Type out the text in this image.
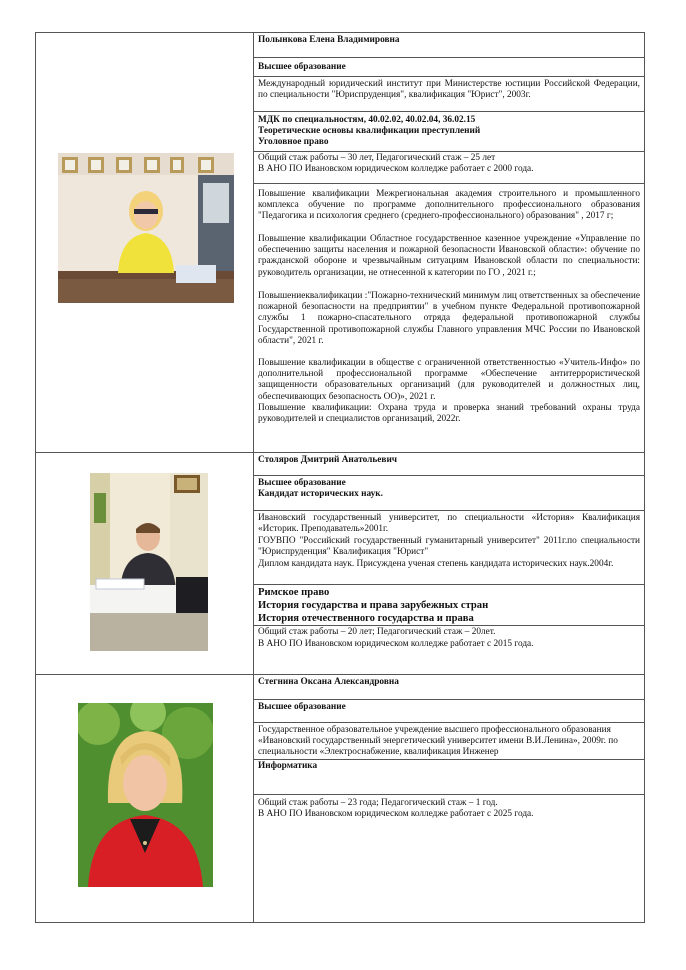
Полынкова Елена Владимировна
Высшее образование
Международный юридический институт при Министерстве юстиции Российской Федерации, по специальности "Юриспруденция", квалификация "Юрист", 2003г.
МДК по специальностям, 40.02.02, 40.02.04, 36.02.15
Теоретические основы квалификации преступлений
Уголовное право
Общий стаж работы – 30 лет, Педагогический стаж – 25 лет
В АНО ПО Ивановском юридическом колледже работает с 2000 года.
Повышение квалификации Межрегиональная академия строительного и промышленного комплекса обучение по программе дополнительного профессионального образования "Педагогика и психология среднего (среднего-профессионального) образования" , 2017 г;
Повышение квалификации Областное государственное казенное учреждение «Управление по обеспечению защиты населения и пожарной безопасности Ивановской области»: обучение по гражданской обороне и чрезвычайным ситуациям Ивановской области по специальности: руководитель организации, не отнесенной к категории по ГО , 2021 г.;
Повышениеквалификации :"Пожарно-технический минимум лиц ответственных за обеспечение пожарной безопасности на предприятии" в учебном пункте Федеральной противопожарной службы 1 пожарно-спасательного отряда федеральной противопожарной службы Государственной противопожарной службы Главного управления МЧС России по Ивановской области", 2021 г.
Повышение квалификации в обществе с ограниченной ответственностью «Учитель-Инфо» по дополнительной профессиональной программе «Обеспечение антитеррористической защищенности образовательных организаций (для руководителей и должностных лиц, обеспечивающих безопасность ОО)», 2021 г.
Повышение квалификации: Охрана труда и проверка знаний требований охраны труда руководителей и специалистов организаций, 2022г.
Столяров Дмитрий Анатольевич
Высшее образование
Кандидат исторических наук.
Ивановский государственный университет, по специальности «История» Квалификация «Историк. Преподаватель»2001г.
ГОУВПО "Российский государственный гуманитарный университет" 2011г.по специальности "Юриспруденция" Квалификация "Юрист"
Диплом кандидата наук. Присуждена ученая степень кандидата исторических наук.2004г.
Римское право
История государства и права зарубежных стран
История отечественного государства и права
Общий стаж работы – 20 лет; Педагогический стаж – 20лет.
В АНО ПО Ивановском юридическом колледже работает с 2015 года.
Стегнина Оксана Александровна
Высшее образование
Государственное образовательное учреждение высшего профессионального образования «Ивановский государственный энергетический университет имени В.И.Ленина», 2009г. по специальности «Электроснабжение, квалификация Инженер
Информатика
Общий стаж работы – 23 года; Педагогический стаж – 1 год.
В АНО ПО Ивановском юридическом колледже работает с 2025 года.
